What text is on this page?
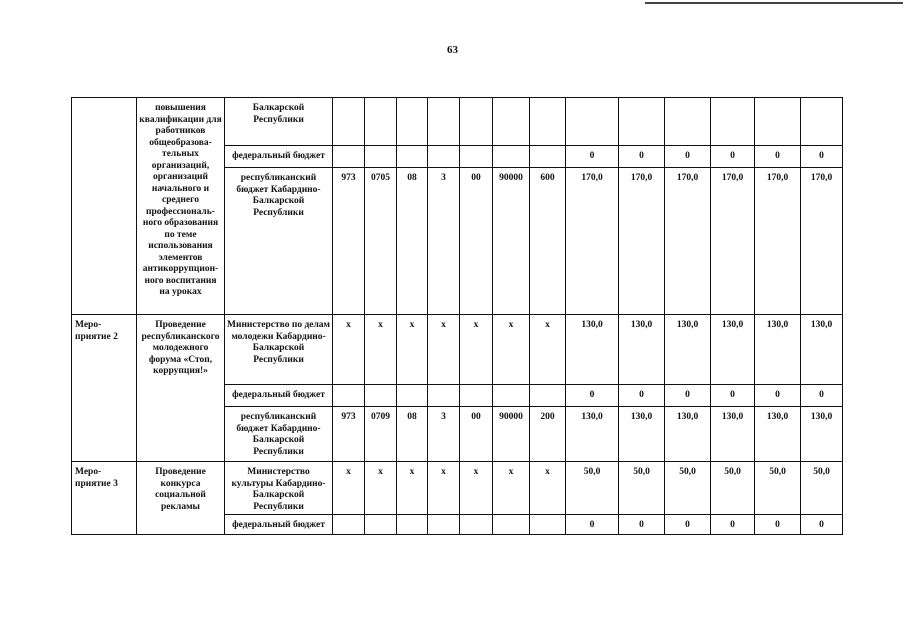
63
	повышения квалификации для работников общеобразова-тельных организаций, организаций начального и среднего профессиональ-ного образования по теме использования элементов антикоррупцион-ного воспитания на уроках	Балкарской Республики													
		федеральный бюджет								0	0	0	0	0	0
		республиканский бюджет Кабардино-Балкарской Республики	973	0705	08	3	00	90000	600	170,0	170,0	170,0	170,0	170,0	170,0
Меро-приятие 2	Проведение республиканского молодежного форума «Стоп, коррупция!»	Министерство по делам молодежи Кабардино-Балкарской Республики	х	х	х	х	х	х	х	130,0	130,0	130,0	130,0	130,0	130,0
		федеральный бюджет								0	0	0	0	0	0
		республиканский бюджет Кабардино-Балкарской Республики	973	0709	08	3	00	90000	200	130,0	130,0	130,0	130,0	130,0	130,0
Меро-приятие 3	Проведение конкурса социальной рекламы	Министерство культуры Кабардино-Балкарской Республики	х	х	х	х	х	х	х	50,0	50,0	50,0	50,0	50,0	50,0
		федеральный бюджет								0	0	0	0	0	0
